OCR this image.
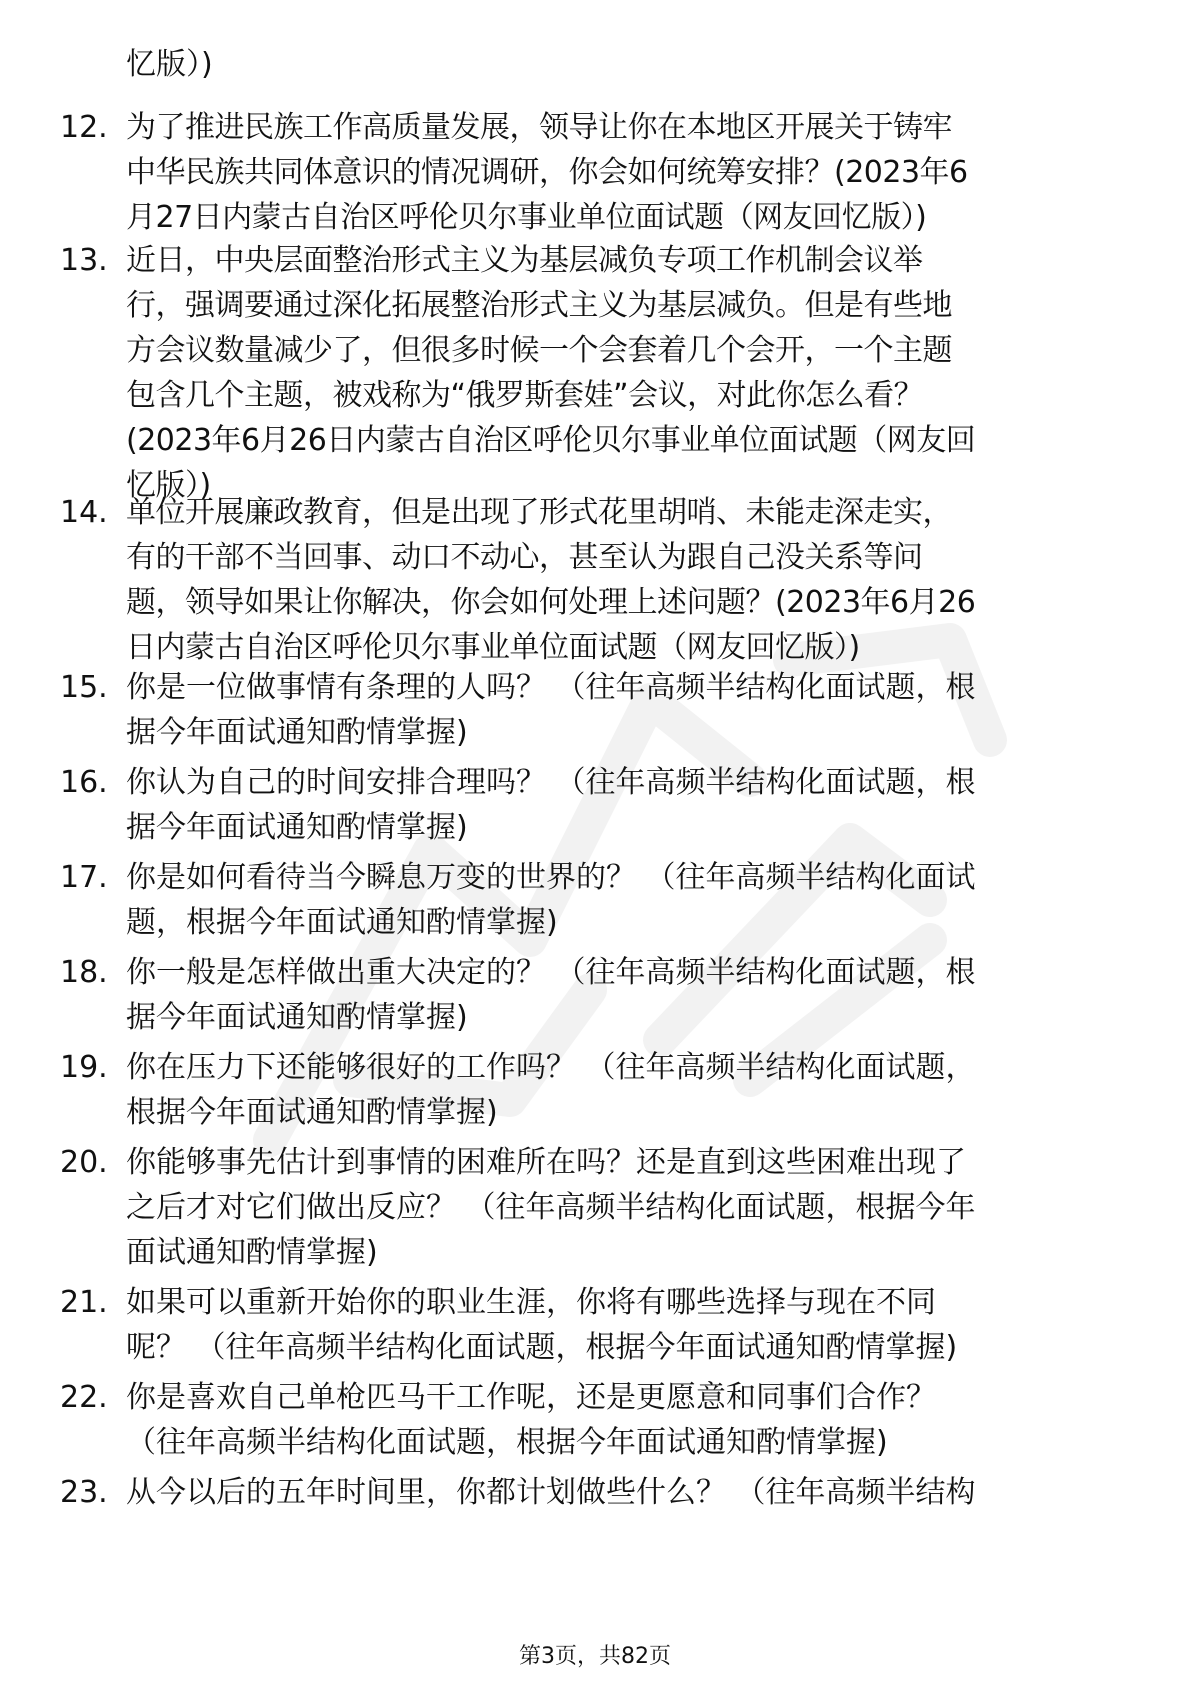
忆版）)
12. 为了推进民族工作高质量发展，领导让你在本地区开展关于铸牢
中华民族共同体意识的情况调研，你会如何统筹安排？(2023年6
月27日内蒙古自治区呼伦贝尔事业单位面试题（网友回忆版）)
13. 近日，中央层面整治形式主义为基层减负专项工作机制会议举
行，强调要通过深化拓展整治形式主义为基层减负。但是有些地
方会议数量减少了，但很多时候一个会套着几个会开，一个主题
包含几个主题，被戏称为“俄罗斯套娃”会议，对此你怎么看？
(2023年6月26日内蒙古自治区呼伦贝尔事业单位面试题（网友回
忆版）)
14. 单位开展廉政教育，但是出现了形式花里胡哨、未能走深走实，
有的干部不当回事、动口不动心，甚至认为跟自己没关系等问
题，领导如果让你解决，你会如何处理上述问题？(2023年6月26
日内蒙古自治区呼伦贝尔事业单位面试题（网友回忆版）)
15. 你是一位做事情有条理的人吗？ （往年高频半结构化面试题，根
据今年面试通知酌情掌握)
16. 你认为自己的时间安排合理吗？ （往年高频半结构化面试题，根
据今年面试通知酌情掌握)
17. 你是如何看待当今瞬息万变的世界的？ （往年高频半结构化面试
题，根据今年面试通知酌情掌握)
18. 你一般是怎样做出重大决定的？ （往年高频半结构化面试题，根
据今年面试通知酌情掌握)
19. 你在压力下还能够很好的工作吗？ （往年高频半结构化面试题，
根据今年面试通知酌情掌握)
20. 你能够事先估计到事情的困难所在吗？还是直到这些困难出现了
之后才对它们做出反应？ （往年高频半结构化面试题，根据今年
面试通知酌情掌握)
21. 如果可以重新开始你的职业生涯，你将有哪些选择与现在不同
呢？ （往年高频半结构化面试题，根据今年面试通知酌情掌握)
22. 你是喜欢自己单枪匹马干工作呢，还是更愿意和同事们合作？
（往年高频半结构化面试题，根据今年面试通知酌情掌握)
23. 从今以后的五年时间里，你都计划做些什么？ （往年高频半结构
第3页，共82页
